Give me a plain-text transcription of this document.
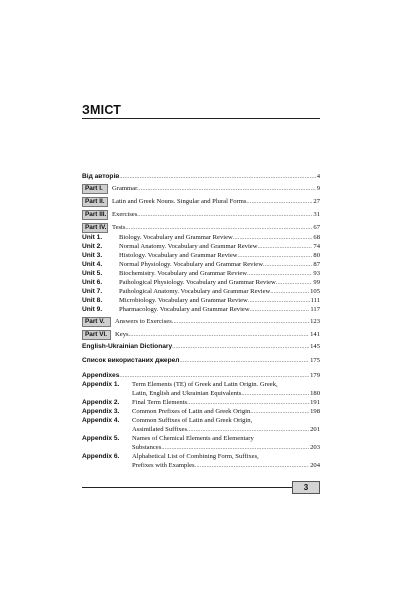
ЗМІСТ
Від авторів .....	4
Part I.	Grammar .....	9
Part II.	Latin and Greek Nouns. Singular and Plural Forms .....	27
Part III. Exercises .....	31
Part IV. Tests .....	67
Unit 1.	Biology. Vocabulary and Grammar Review .....	68
Unit 2.	Normal Anatomy. Vocabulary and Grammar Review .....	74
Unit 3.	Histology. Vocabulary and Grammar Review .....	80
Unit 4.	Normal Physiology. Vocabulary and Grammar Review .....	87
Unit 5.	Biochemistry. Vocabulary and Grammar Review .....	93
Unit 6.	Pathological Physiology. Vocabulary and Grammar Review .....	99
Unit 7.	Pathological Anatomy. Vocabulary and Grammar Review .....	105
Unit 8.	Microbiology. Vocabulary and Grammar Review .....	111
Unit 9.	Pharmacology. Vocabulary and Grammar Review .....	117
Part V.	Answers to Exercises .....	123
Part VI.	Keys .....	141
English-Ukrainian Dictionary .....	145
Список використаних джерел .....	175
Appendixes .....	179
Appendix 1.	Term Elements (TE) of Greek and Latin Origin. Greek,
Latin, English and Ukrainian Equivalents .....	180
Appendix 2.	Final Term Elements .....	191
Appendix 3.	Common Prefixes of Latin and Greek Origin .....	198
Appendix 4.	Common Suffixes of Latin and Greek Origin,
Assimilated Suffixes .....	201
Appendix 5.	Names of Chemical Elements and Elementary
Substances .....	203
Appendix 6.	Alphabetical List of Combining Form, Suffixes,
Prefixes with Examples .....	204
3
